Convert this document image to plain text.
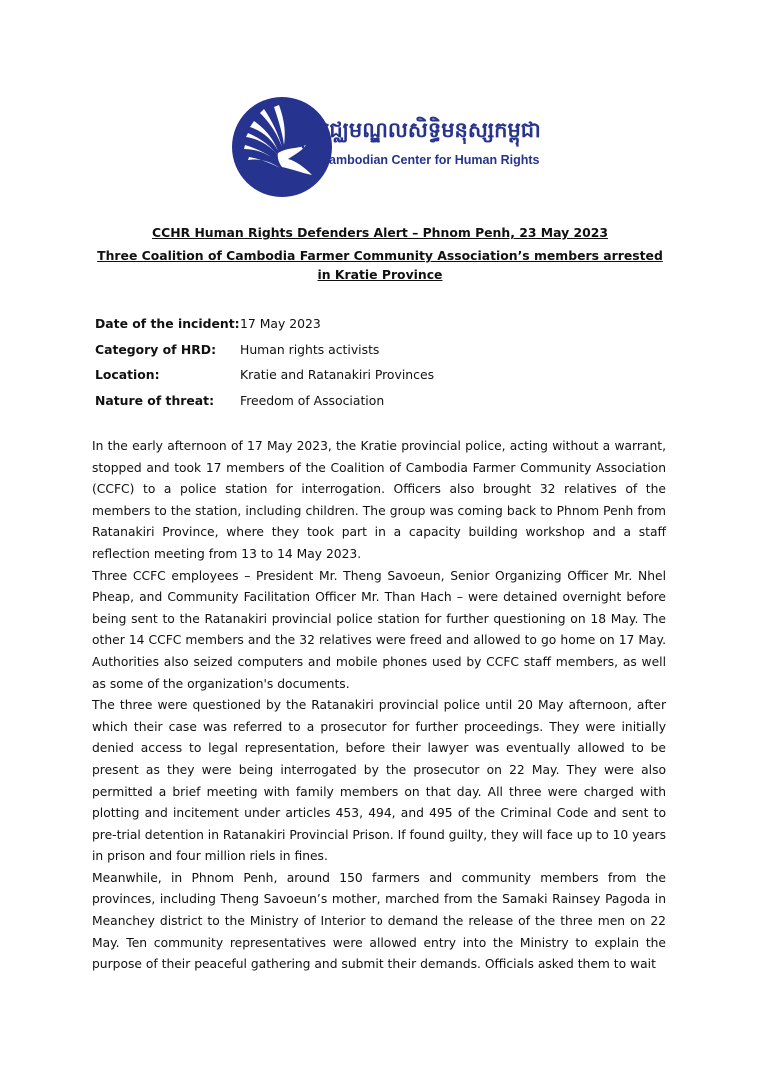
មជ្ឈមណ្ឌលសិទ្ធិមនុស្សកម្ពុជា
Cambodian Center for Human Rights
CCHR Human Rights Defenders Alert – Phnom Penh, 23 May 2023
Three Coalition of Cambodia Farmer Community Association’s members arrested in Kratie Province
Date of the incident: 17 May 2023
Category of HRD:	Human rights activists
Location:	Kratie and Ratanakiri Provinces
Nature of threat:	Freedom of Association

In the early afternoon of 17 May 2023, the Kratie provincial police, acting without a warrant, stopped and took 17 members of the Coalition of Cambodia Farmer Community Association (CCFC) to a police station for interrogation. Officers also brought 32 relatives of the members to the station, including children. The group was coming back to Phnom Penh from Ratanakiri Province, where they took part in a capacity building workshop and a staff reflection meeting from 13 to 14 May 2023.

Three CCFC employees – President Mr. Theng Savoeun, Senior Organizing Officer Mr. Nhel Pheap, and Community Facilitation Officer Mr. Than Hach – were detained overnight before being sent to the Ratanakiri provincial police station for further questioning on 18 May. The other 14 CCFC members and the 32 relatives were freed and allowed to go home on 17 May. Authorities also seized computers and mobile phones used by CCFC staff members, as well as some of the organization's documents.

The three were questioned by the Ratanakiri provincial police until 20 May afternoon, after which their case was referred to a prosecutor for further proceedings. They were initially denied access to legal representation, before their lawyer was eventually allowed to be present as they were being interrogated by the prosecutor on 22 May. They were also permitted a brief meeting with family members on that day. All three were charged with plotting and incitement under articles 453, 494, and 495 of the Criminal Code and sent to pre-trial detention in Ratanakiri Provincial Prison. If found guilty, they will face up to 10 years in prison and four million riels in fines.

Meanwhile, in Phnom Penh, around 150 farmers and community members from the provinces, including Theng Savoeun’s mother, marched from the Samaki Rainsey Pagoda in Meanchey district to the Ministry of Interior to demand the release of the three men on 22 May. Ten community representatives were allowed entry into the Ministry to explain the purpose of their peaceful gathering and submit their demands. Officials asked them to wait
